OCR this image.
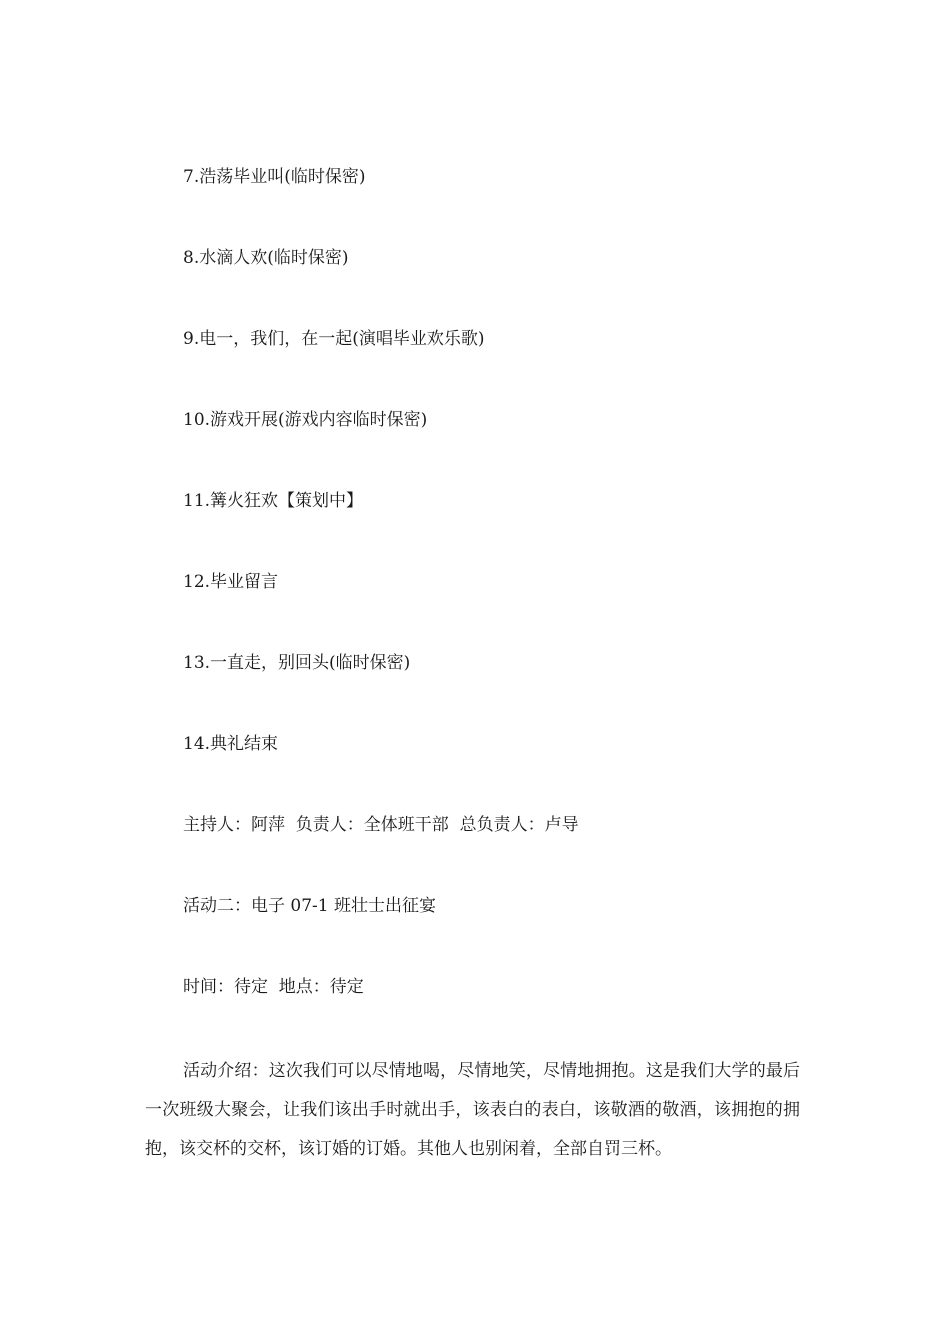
7.浩荡毕业叫(临时保密)
8.水滴人欢(临时保密)
9.电一，我们，在一起(演唱毕业欢乐歌)
10.游戏开展(游戏内容临时保密)
11.篝火狂欢【策划中】
12.毕业留言
13.一直走，别回头(临时保密)
14.典礼结束
主持人：阿萍  负责人：全体班干部  总负责人：卢导
活动二：电子 07-1 班壮士出征宴
时间：待定  地点：待定
活动介绍：这次我们可以尽情地喝，尽情地笑，尽情地拥抱。这是我们大学的最后一次班级大聚会，让我们该出手时就出手，该表白的表白，该敬酒的敬酒，该拥抱的拥抱，该交杯的交杯，该订婚的订婚。其他人也别闲着，全部自罚三杯。
